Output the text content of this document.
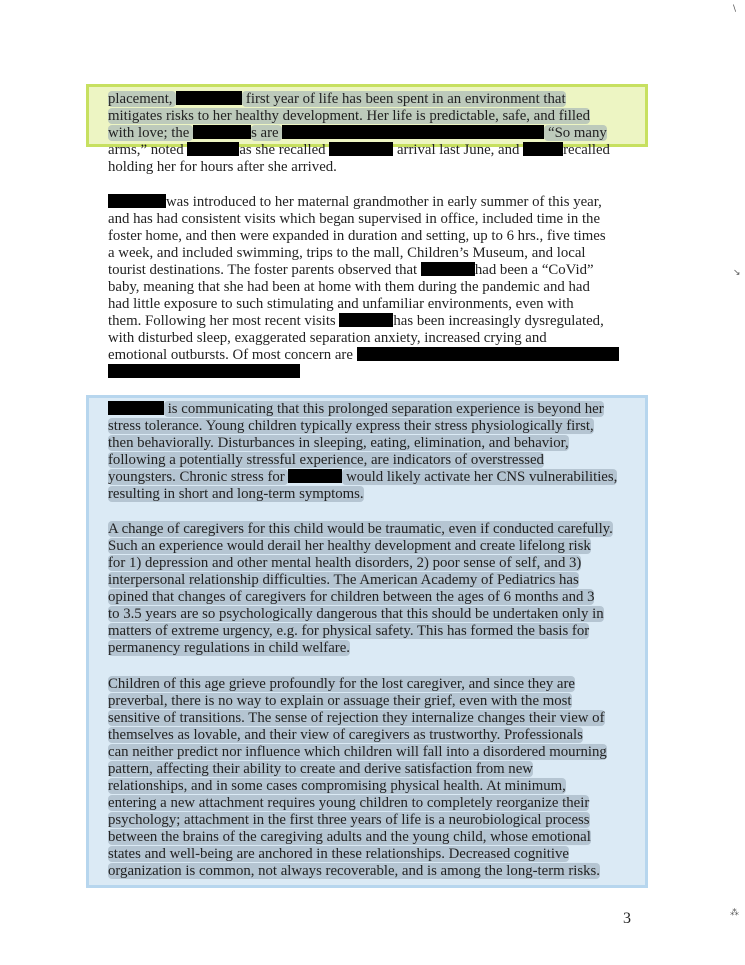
placement,	first year of life has been spent in an environment that
mitigates risks to her healthy development. Her life is predictable, safe, and filled
with love; the	s are	“So many
arms,” noted	as she recalled	arrival last June, and	recalled
holding her for hours after she arrived.
was introduced to her maternal grandmother in early summer of this year,
and has had consistent visits which began supervised in office, included time in the
foster home, and then were expanded in duration and setting, up to 6 hrs., five times
a week, and included swimming, trips to the mall, Children’s Museum, and local
tourist destinations. The foster parents observed that	had been a “CoVid”
baby, meaning that she had been at home with them during the pandemic and had
had little exposure to such stimulating and unfamiliar environments, even with
them. Following her most recent visits	has been increasingly dysregulated,
with disturbed sleep, exaggerated separation anxiety, increased crying and
emotional outbursts. Of most concern are
is communicating that this prolonged separation experience is beyond her
stress tolerance. Young children typically express their stress physiologically first,
then behaviorally. Disturbances in sleeping, eating, elimination, and behavior,
following a potentially stressful experience, are indicators of overstressed
youngsters. Chronic stress for	would likely activate her CNS vulnerabilities,
resulting in short and long-term symptoms.
A change of caregivers for this child would be traumatic, even if conducted carefully.
Such an experience would derail her healthy development and create lifelong risk
for 1) depression and other mental health disorders, 2) poor sense of self, and 3)
interpersonal relationship difficulties. The American Academy of Pediatrics has
opined that changes of caregivers for children between the ages of 6 months and 3
to 3.5 years are so psychologically dangerous that this should be undertaken only in
matters of extreme urgency, e.g. for physical safety. This has formed the basis for
permanency regulations in child welfare.
Children of this age grieve profoundly for the lost caregiver, and since they are
preverbal, there is no way to explain or assuage their grief, even with the most
sensitive of transitions. The sense of rejection they internalize changes their view of
themselves as lovable, and their view of caregivers as trustworthy. Professionals
can neither predict nor influence which children will fall into a disordered mourning
pattern, affecting their ability to create and derive satisfaction from new
relationships, and in some cases compromising physical health. At minimum,
entering a new attachment requires young children to completely reorganize their
psychology; attachment in the first three years of life is a neurobiological process
between the brains of the caregiving adults and the young child, whose emotional
states and well-being are anchored in these relationships. Decreased cognitive
organization is common, not always recoverable, and is among the long-term risks.
3
\
↘
⁂
